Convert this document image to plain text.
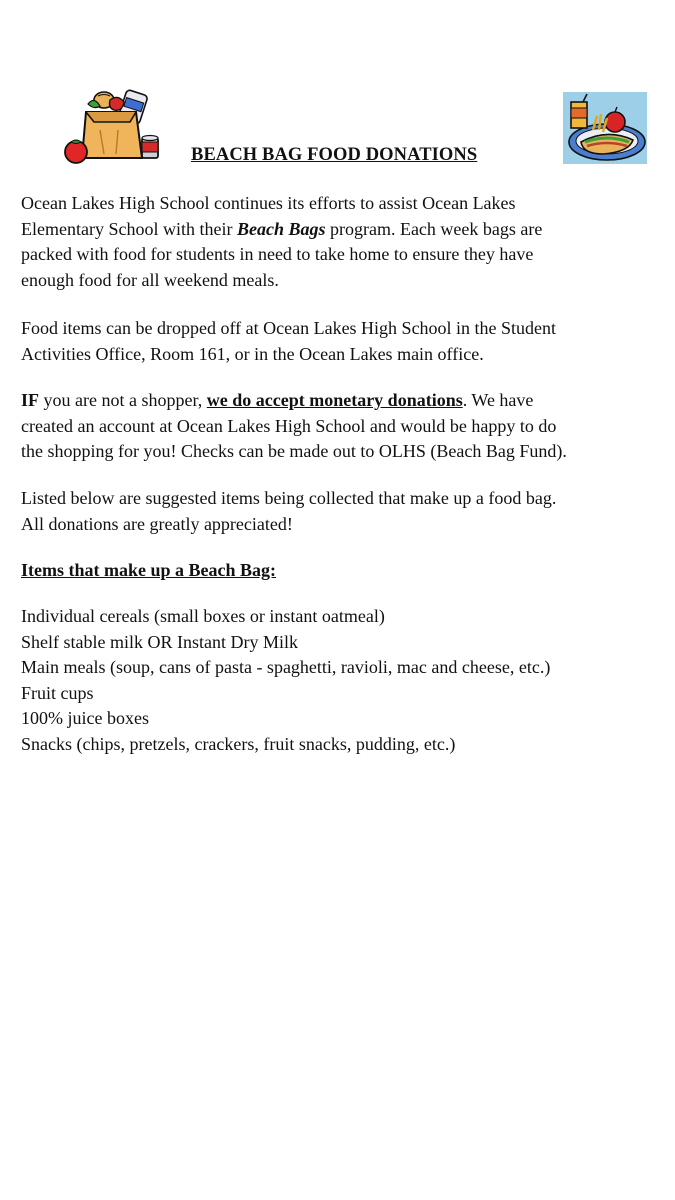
BEACH BAG FOOD DONATIONS

Ocean Lakes High School continues its efforts to assist Ocean Lakes
Elementary School with their Beach Bags program. Each week bags are
packed with food for students in need to take home to ensure they have
enough food for all weekend meals.

Food items can be dropped off at Ocean Lakes High School in the Student
Activities Office, Room 161, or in the Ocean Lakes main office.

IF you are not a shopper, we do accept monetary donations. We have
created an account at Ocean Lakes High School and would be happy to do
the shopping for you! Checks can be made out to OLHS (Beach Bag Fund).

Listed below are suggested items being collected that make up a food bag.
All donations are greatly appreciated!

Items that make up a Beach Bag:
Individual cereals (small boxes or instant oatmeal)
Shelf stable milk OR Instant Dry Milk
Main meals (soup, cans of pasta - spaghetti, ravioli, mac and cheese, etc.)
Fruit cups
100% juice boxes
Snacks (chips, pretzels, crackers, fruit snacks, pudding, etc.)
